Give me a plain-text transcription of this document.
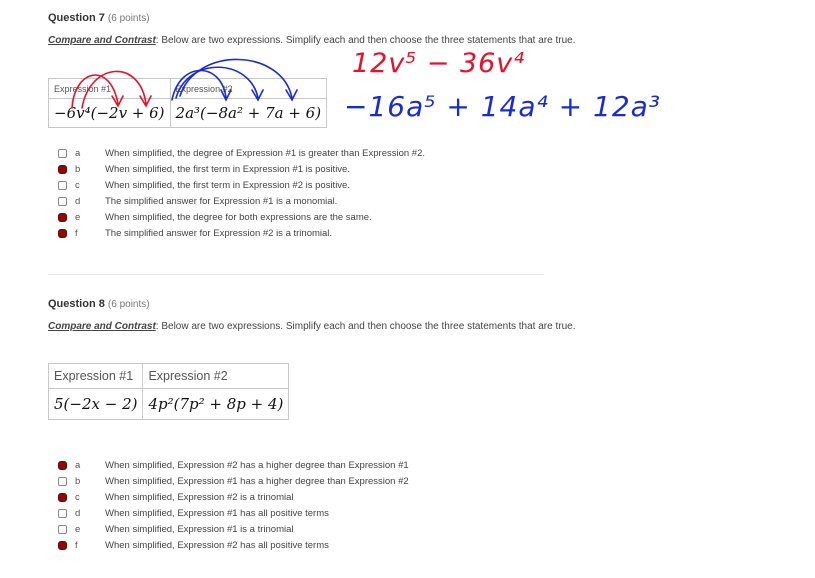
Question 7 (6 points)
Compare and Contrast: Below are two expressions. Simplify each and then choose the three statements that are true.
Expression #1	Expression #2
−6v⁴(−2v + 6)	2a³(−8a² + 7a + 6)
12v⁵ − 36v⁴
−16a⁵ + 14a⁴ + 12a³
a	When simplified, the degree of Expression #1 is greater than Expression #2.
b	When simplified, the first term in Expression #1 is positive.
c	When simplified, the first term in Expression #2 is positive.
d	The simplified answer for Expression #1 is a monomial.
e	When simplified, the degree for both expressions are the same.
f	The simplified answer for Expression #2 is a trinomial.
Question 8 (6 points)
Compare and Contrast: Below are two expressions. Simplify each and then choose the three statements that are true.
Expression #1	Expression #2
5(−2x − 2)	4p²(7p² + 8p + 4)
a	When simplified, Expression #2 has a higher degree than Expression #1
b	When simplified, Expression #1 has a higher degree than Expression #2
c	When simplified, Expression #2 is a trinomial
d	When simplified, Expression #1 has all positive terms
e	When simplified, Expression #1 is a trinomial
f	When simplified, Expression #2 has all positive terms
